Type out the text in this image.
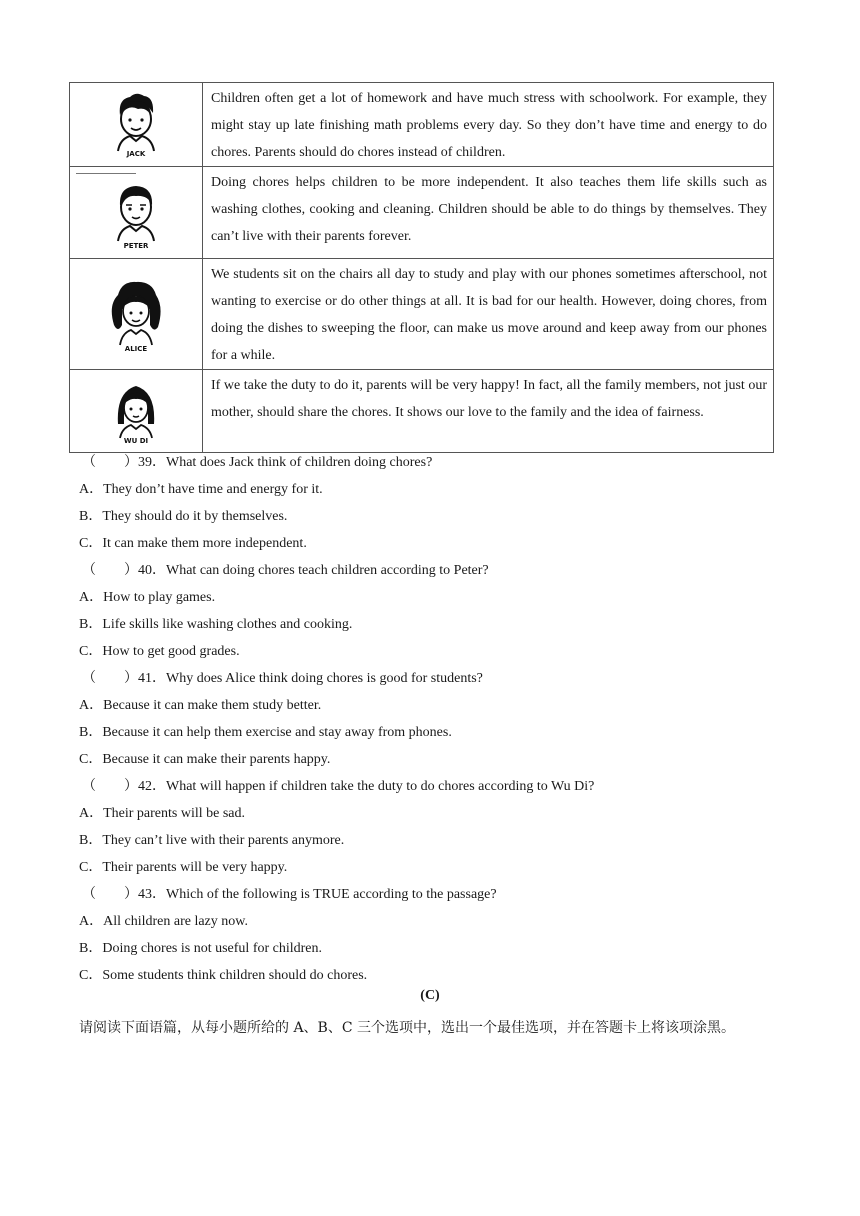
JACK	Children often get a lot of homework and have much stress with schoolwork. For example, they might stay up late finishing math problems every day. So they don’t have time and energy to do chores. Parents should do chores instead of children.

PETER	Doing chores helps children to be more independent. It also teaches them life skills such as washing clothes, cooking and cleaning. Children should be able to do things by themselves. They can’t live with their parents forever.

ALICE	We students sit on the chairs all day to study and play with our phones sometimes afterschool, not wanting to exercise or do other things at all. It is bad for our health. However, doing chores, from doing the dishes to sweeping the floor, can make us move around and keep away from our phones for a while.

WU DI	If we take the duty to do it, parents will be very happy! In fact, all the family members, not just our mother, should share the chores. It shows our love to the family and the idea of fairness.
（　　）39．What does Jack think of children doing chores?
A．They don’t have time and energy for it.
B．They should do it by themselves.
C．It can make them more independent.
（　　）40．What can doing chores teach children according to Peter?
A．How to play games.
B．Life skills like washing clothes and cooking.
C．How to get good grades.
（　　）41．Why does Alice think doing chores is good for students?
A．Because it can make them study better.
B．Because it can help them exercise and stay away from phones.
C．Because it can make their parents happy.
（　　）42．What will happen if children take the duty to do chores according to Wu Di?
A．Their parents will be sad.
B．They can’t live with their parents anymore.
C．Their parents will be very happy.
（　　）43．Which of the following is TRUE according to the passage?
A．All children are lazy now.
B．Doing chores is not useful for children.
C．Some students think children should do chores.
(C)
请阅读下面语篇，从每小题所给的 A、B、C 三个选项中，选出一个最佳选项，并在答题卡上将该项涂黑。
